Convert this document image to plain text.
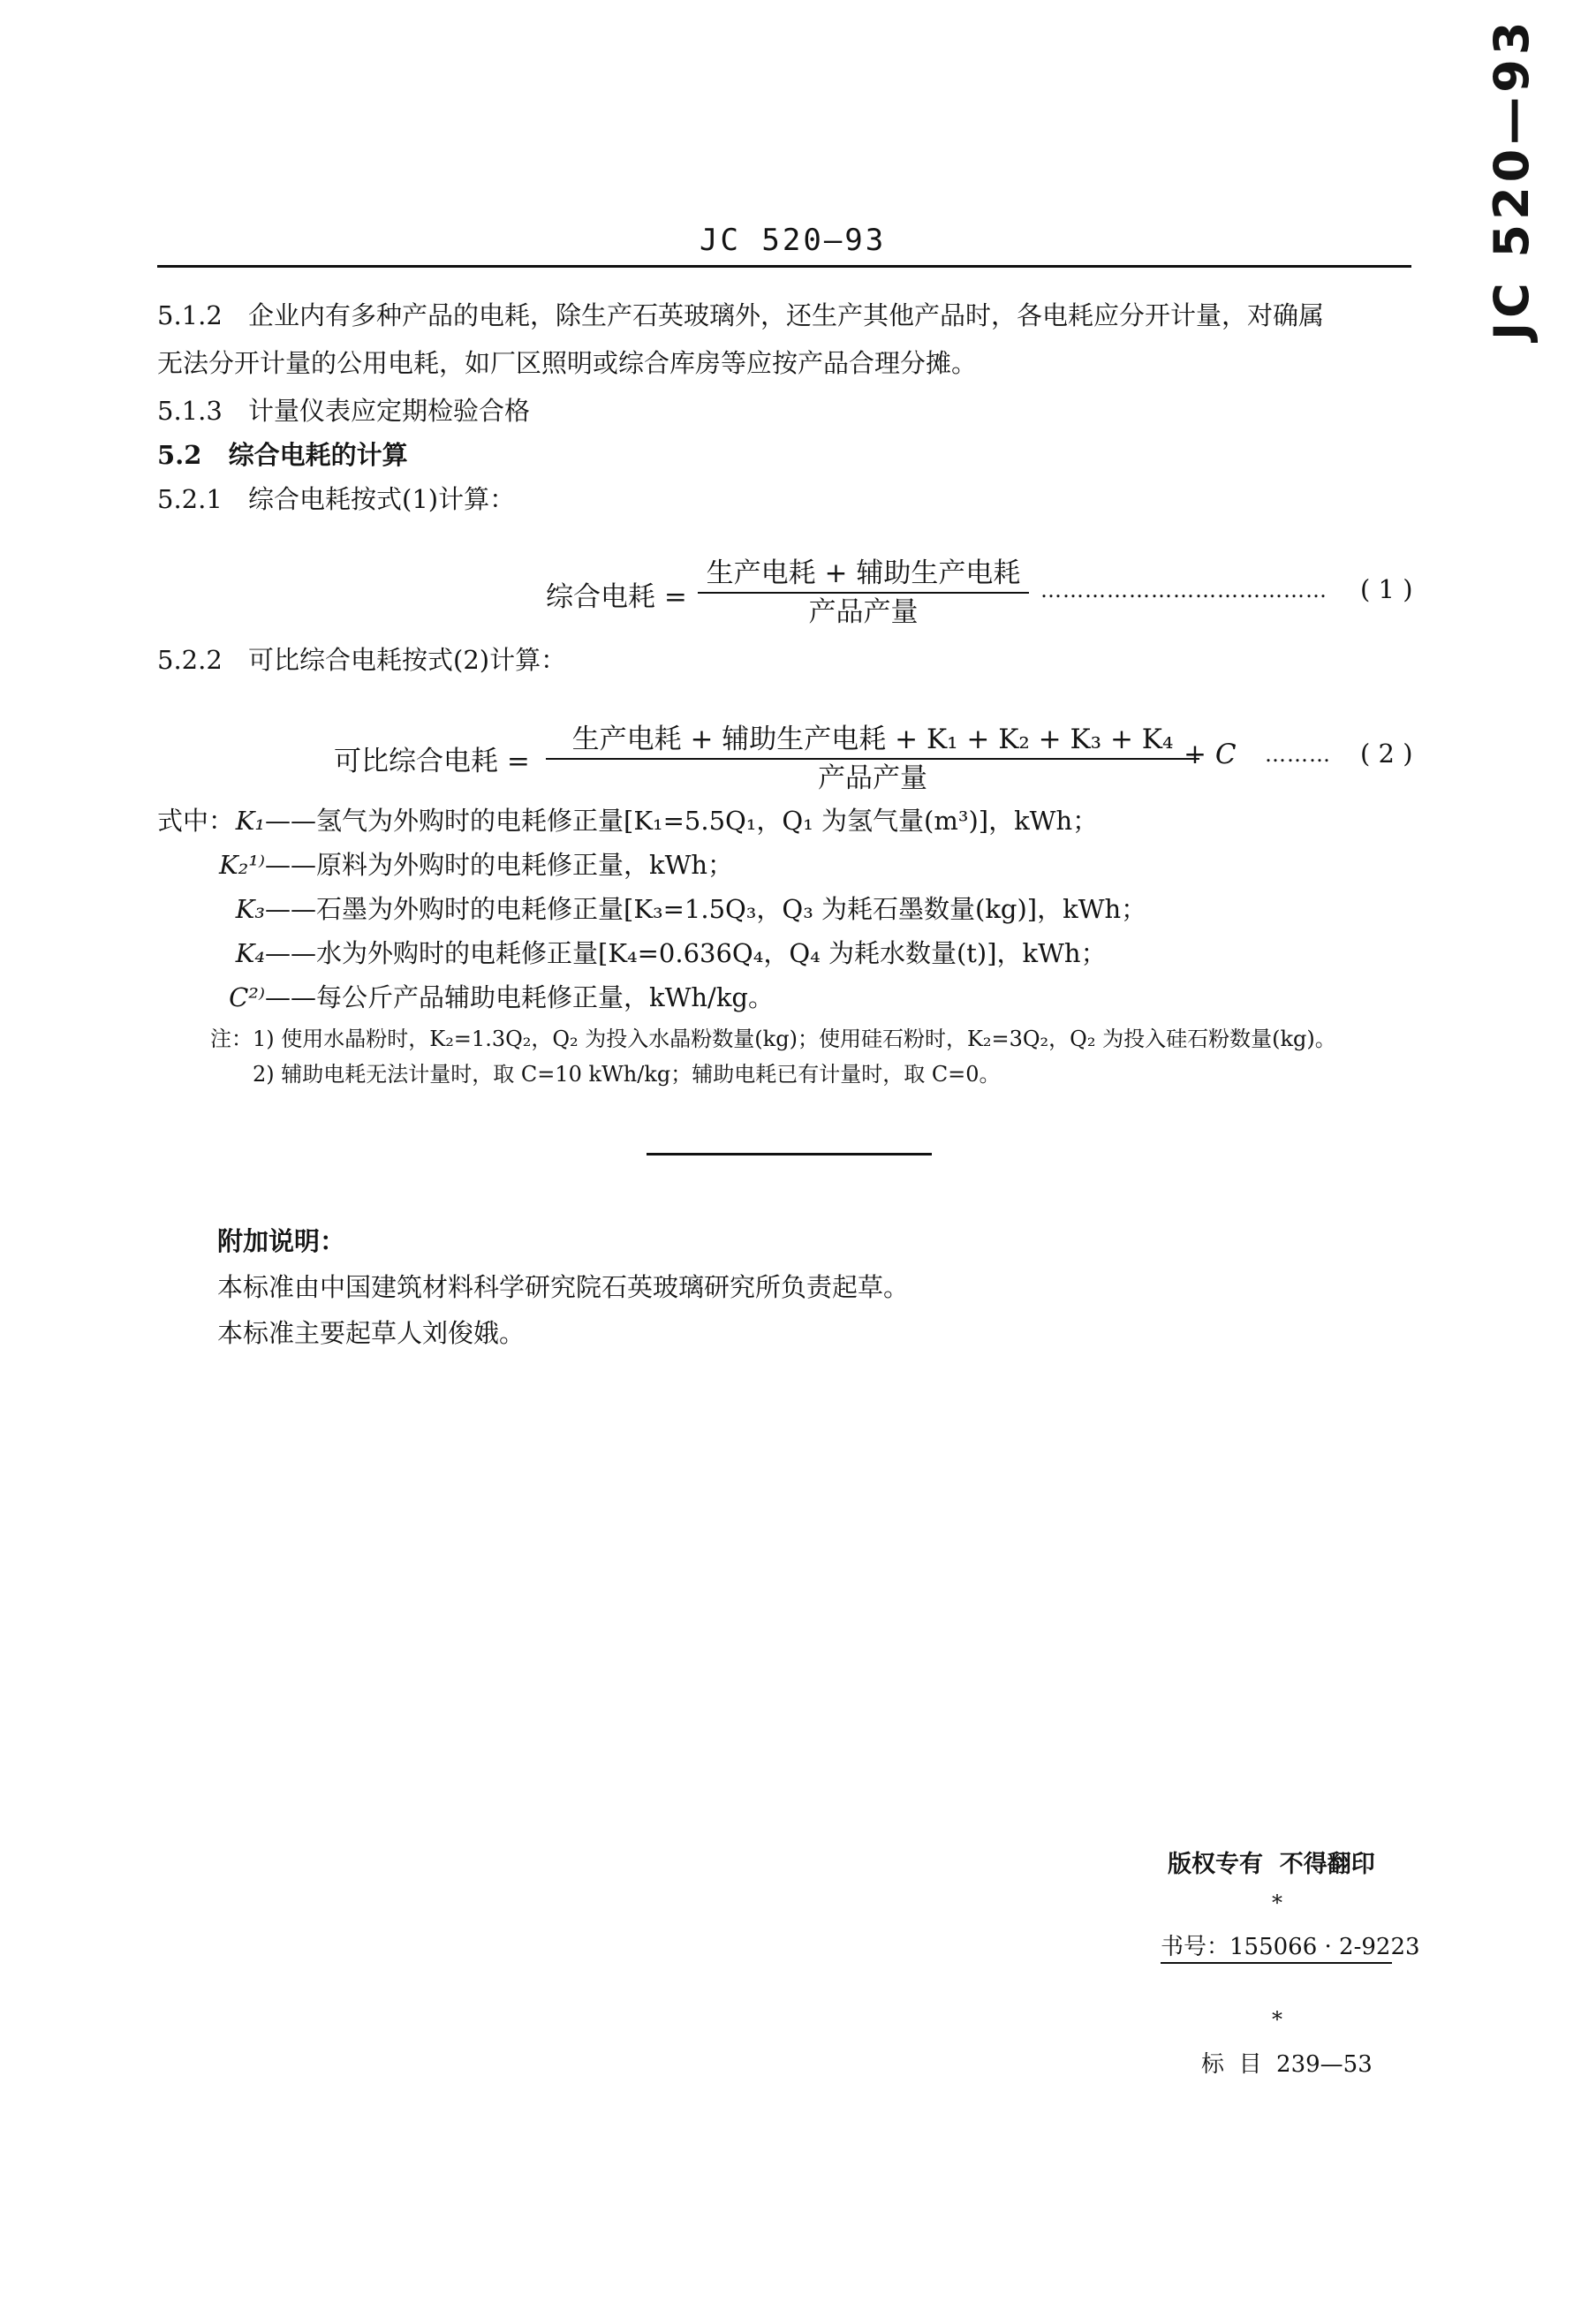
JC 520—93	JC 520—93
5.1.2 企业内有多种产品的电耗，除生产石英玻璃外，还生产其他产品时，各电耗应分开计量，对确属
无法分开计量的公用电耗，如厂区照明或综合库房等应按产品合理分摊。
5.1.3 计量仪表应定期检验合格
5.2 综合电耗的计算
5.2.1 综合电耗按式(1)计算：
综合电耗 =
生产电耗 + 辅助生产电耗
产品产量
………………………………… ( 1 )
5.2.2 可比综合电耗按式(2)计算：
可比综合电耗 =
生产电耗 + 辅助生产电耗 + K₁ + K₂ + K₃ + K₄
产品产量
+ C ……… ( 2 )
式中： K₁——氢气为外购时的电耗修正量[K₁=5.5Q₁，Q₁ 为氢气量(m³)]，kWh；
K₂¹⁾——原料为外购时的电耗修正量，kWh；
K₃——石墨为外购时的电耗修正量[K₃=1.5Q₃，Q₃ 为耗石墨数量(kg)]，kWh；
K₄——水为外购时的电耗修正量[K₄=0.636Q₄，Q₄ 为耗水数量(t)]，kWh；
C²⁾——每公斤产品辅助电耗修正量，kWh/kg。
注： 1) 使用水晶粉时，K₂=1.3Q₂，Q₂ 为投入水晶粉数量(kg)；使用硅石粉时，K₂=3Q₂，Q₂ 为投入硅石粉数量(kg)。
2) 辅助电耗无法计量时，取 C=10 kWh/kg；辅助电耗已有计量时，取 C=0。
附加说明：
本标准由中国建筑材料科学研究院石英玻璃研究所负责起草。
本标准主要起草人刘俊娥。
版权专有  不得翻印
*
书号：155066 · 2-9223
*
标  目  239—53
